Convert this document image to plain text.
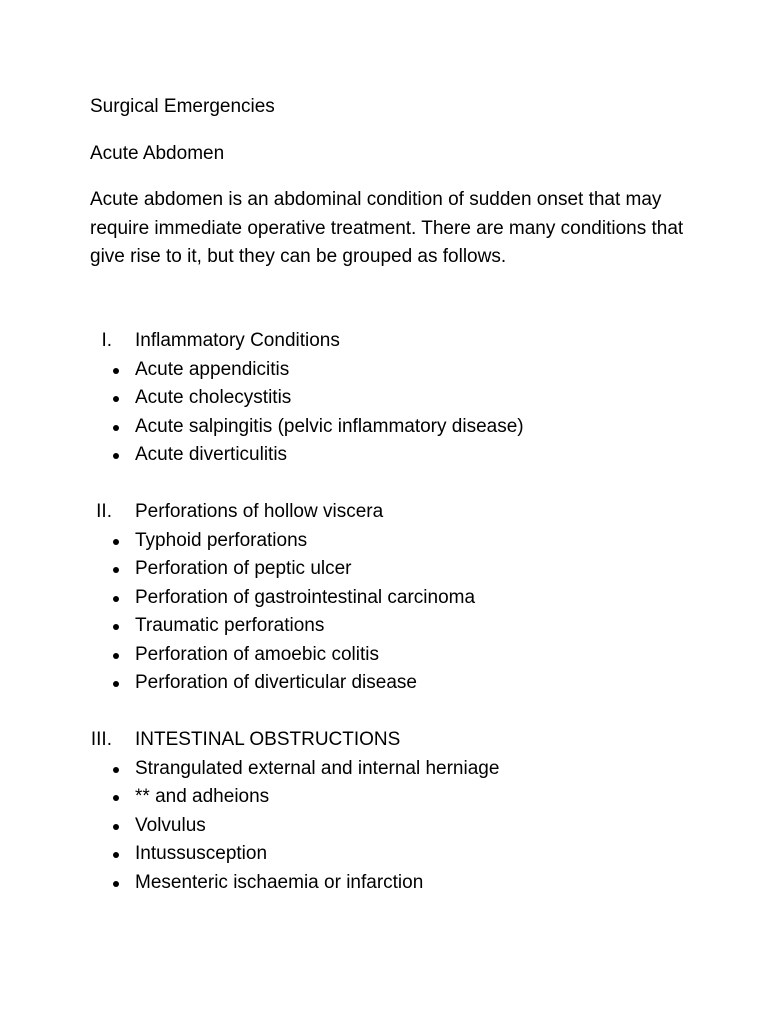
Surgical Emergencies

Acute Abdomen

Acute abdomen is an abdominal condition of sudden onset that may require immediate operative treatment. There are many conditions that give rise to it, but they can be grouped as follows.

I. Inflammatory Conditions
Acute appendicitis
Acute cholecystitis
Acute salpingitis (pelvic inflammatory disease)
Acute diverticulitis
II. Perforations of hollow viscera
Typhoid perforations
Perforation of peptic ulcer
Perforation of gastrointestinal carcinoma
Traumatic perforations
Perforation of amoebic colitis
Perforation of diverticular disease
III. INTESTINAL OBSTRUCTIONS
Strangulated external and internal herniage
** and adheions
Volvulus
Intussusception
Mesenteric ischaemia or infarction
